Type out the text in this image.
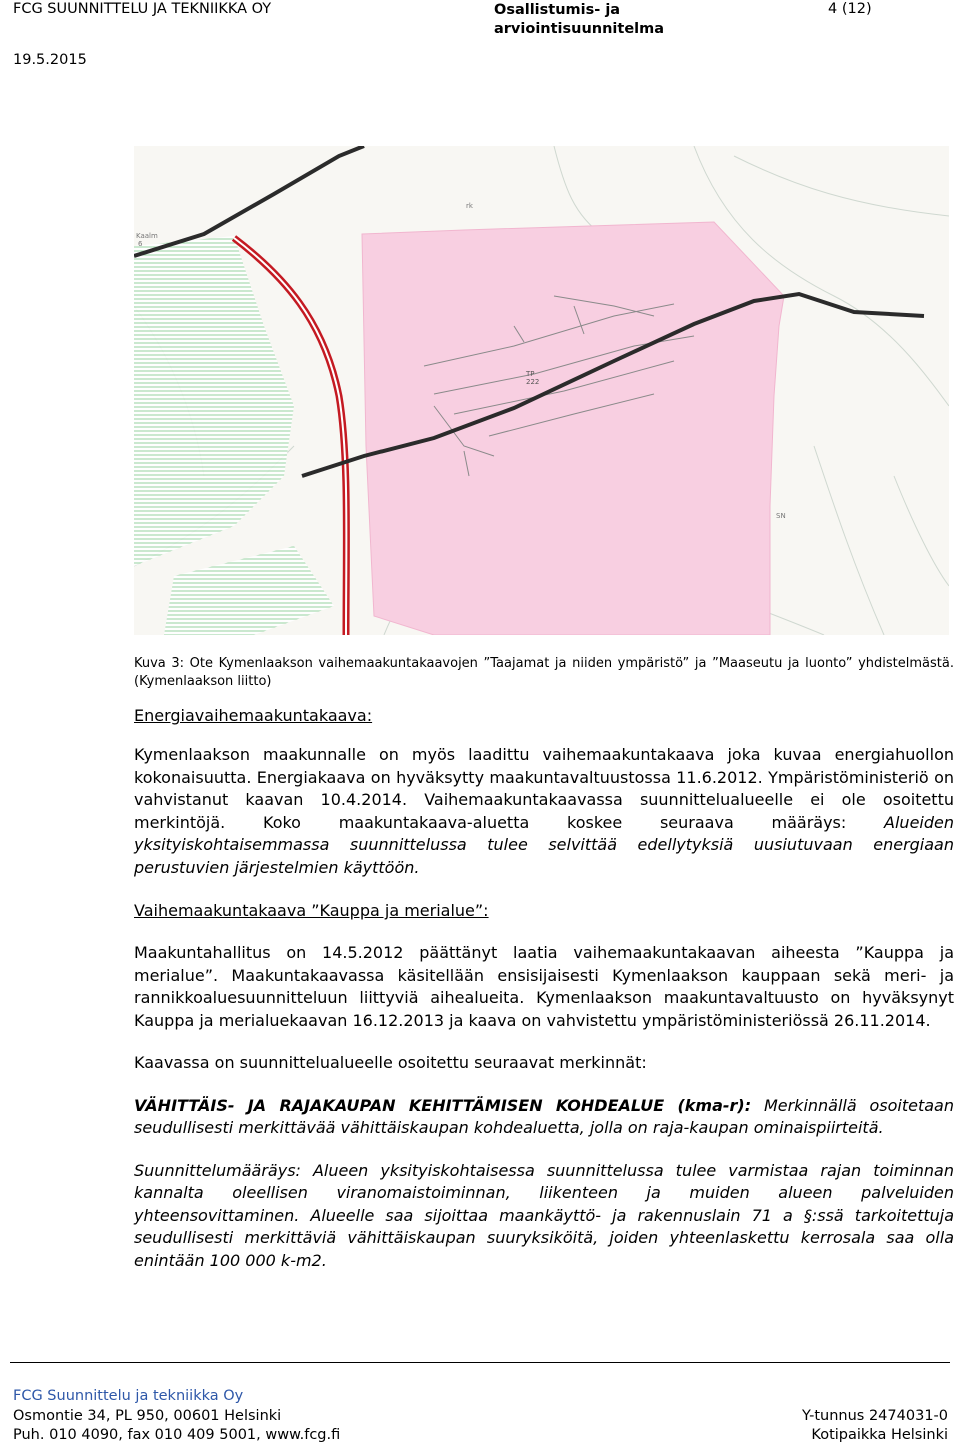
FCG SUUNNITTELU JA TEKNIIKKA OY	Osallistumis- ja arviointisuunnitelma
4 (12)
19.5.2015
rk
Kaalm
6
TP
222
SN
Kuva 3: Ote Kymenlaakson vaihemaakuntakaavojen ”Taajamat ja niiden ympäristö” ja ”Maaseutu ja luonto” yhdistelmästä. (Kymenlaakson liitto)

Energiavaihemaakuntakaava:

Kymenlaakson maakunnalle on myös laadittu vaihemaakuntakaava joka kuvaa energiahuollon kokonaisuutta. Energiakaava on hyväksytty maakuntavaltuustossa 11.6.2012. Ympäristöministeriö on vahvistanut kaavan 10.4.2014. Vaihemaakuntakaavassa suunnittelualueelle ei ole osoitettu merkintöjä. Koko maakuntakaava-aluetta koskee seuraava määräys: Alueiden yksityiskohtaisemmassa suunnittelussa tulee selvittää edellytyksiä uusiutuvaan energiaan perustuvien järjestelmien käyttöön.

Vaihemaakuntakaava ”Kauppa ja merialue”:

Maakuntahallitus on 14.5.2012 päättänyt laatia vaihemaakuntakaavan aiheesta ”Kauppa ja merialue”. Maakuntakaavassa käsitellään ensisijaisesti Kymenlaakson kauppaan sekä meri- ja rannikkoaluesuunnitteluun liittyviä aihealueita. Kymenlaakson maakuntavaltuusto on hyväksynyt Kauppa ja merialuekaavan 16.12.2013 ja kaava on vahvistettu ympäristöministeriössä 26.11.2014.

Kaavassa on suunnittelualueelle osoitettu seuraavat merkinnät:

VÄHITTÄIS- JA RAJAKAUPAN KEHITTÄMISEN KOHDEALUE (kma-r): Merkinnällä osoitetaan seudullisesti merkittävää vähittäiskaupan kohdealuetta, jolla on raja-kaupan ominaispiirteitä.

Suunnittelumääräys: Alueen yksityiskohtaisessa suunnittelussa tulee varmistaa rajan toiminnan kannalta oleellisen viranomaistoiminnan, liikenteen ja muiden alueen palveluiden yhteensovittaminen. Alueelle saa sijoittaa maankäyttö- ja rakennuslain 71 a §:ssä tarkoitettuja seudullisesti merkittäviä vähittäiskaupan suuryksiköitä, joiden yhteenlaskettu kerrosala saa olla enintään 100 000 k-m2.

FCG Suunnittelu ja tekniikka Oy
Osmontie 34, PL 950, 00601 Helsinki
Puh. 010 4090, fax 010 409 5001, www.fcg.fi
Y-tunnus 2474031-0
Kotipaikka Helsinki
